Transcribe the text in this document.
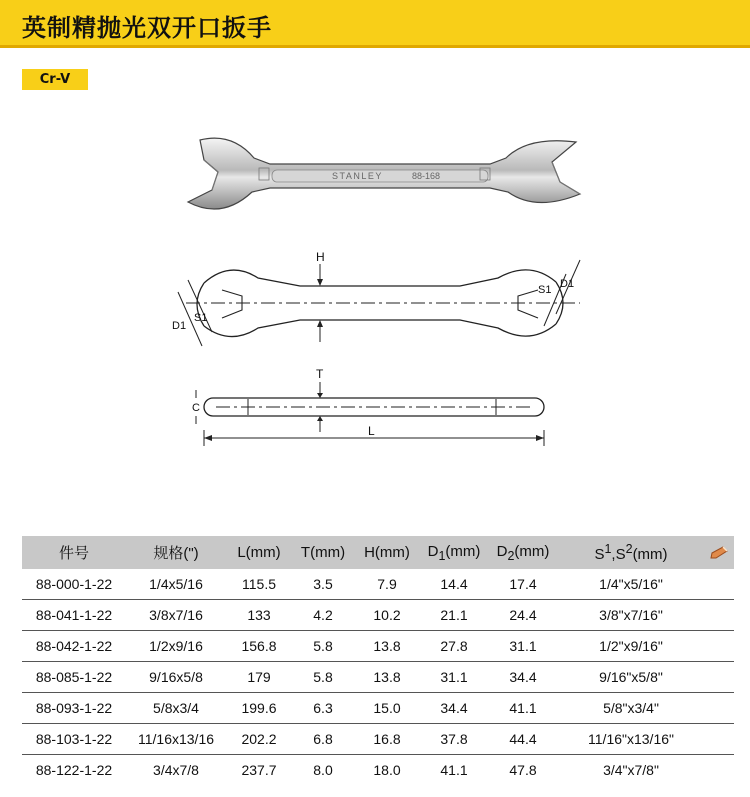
英制精抛光双开口扳手
Cr-V
STANLEY	88-168
H
S1
D1
S1 D1
T
C
L
件号	规格(")	L(mm)	T(mm)	H(mm)	$D_1(mm)$	$D_2(mm)$	$S^1,S^2(mm)$	
88-000-1-22	1/4x5/16	115.5	3.5	7.9	14.4	17.4	1/4"x5/16"	
88-041-1-22	3/8x7/16	133	4.2	10.2	21.1	24.4	3/8"x7/16"	
88-042-1-22	1/2x9/16	156.8	5.8	13.8	27.8	31.1	1/2"x9/16"	
88-085-1-22	9/16x5/8	179	5.8	13.8	31.1	34.4	9/16"x5/8"	
88-093-1-22	5/8x3/4	199.6	6.3	15.0	34.4	41.1	5/8"x3/4"	
88-103-1-22	11/16x13/16	202.2	6.8	16.8	37.8	44.4	11/16"x13/16"	
88-122-1-22	3/4x7/8	237.7	8.0	18.0	41.1	47.8	3/4"x7/8"	
